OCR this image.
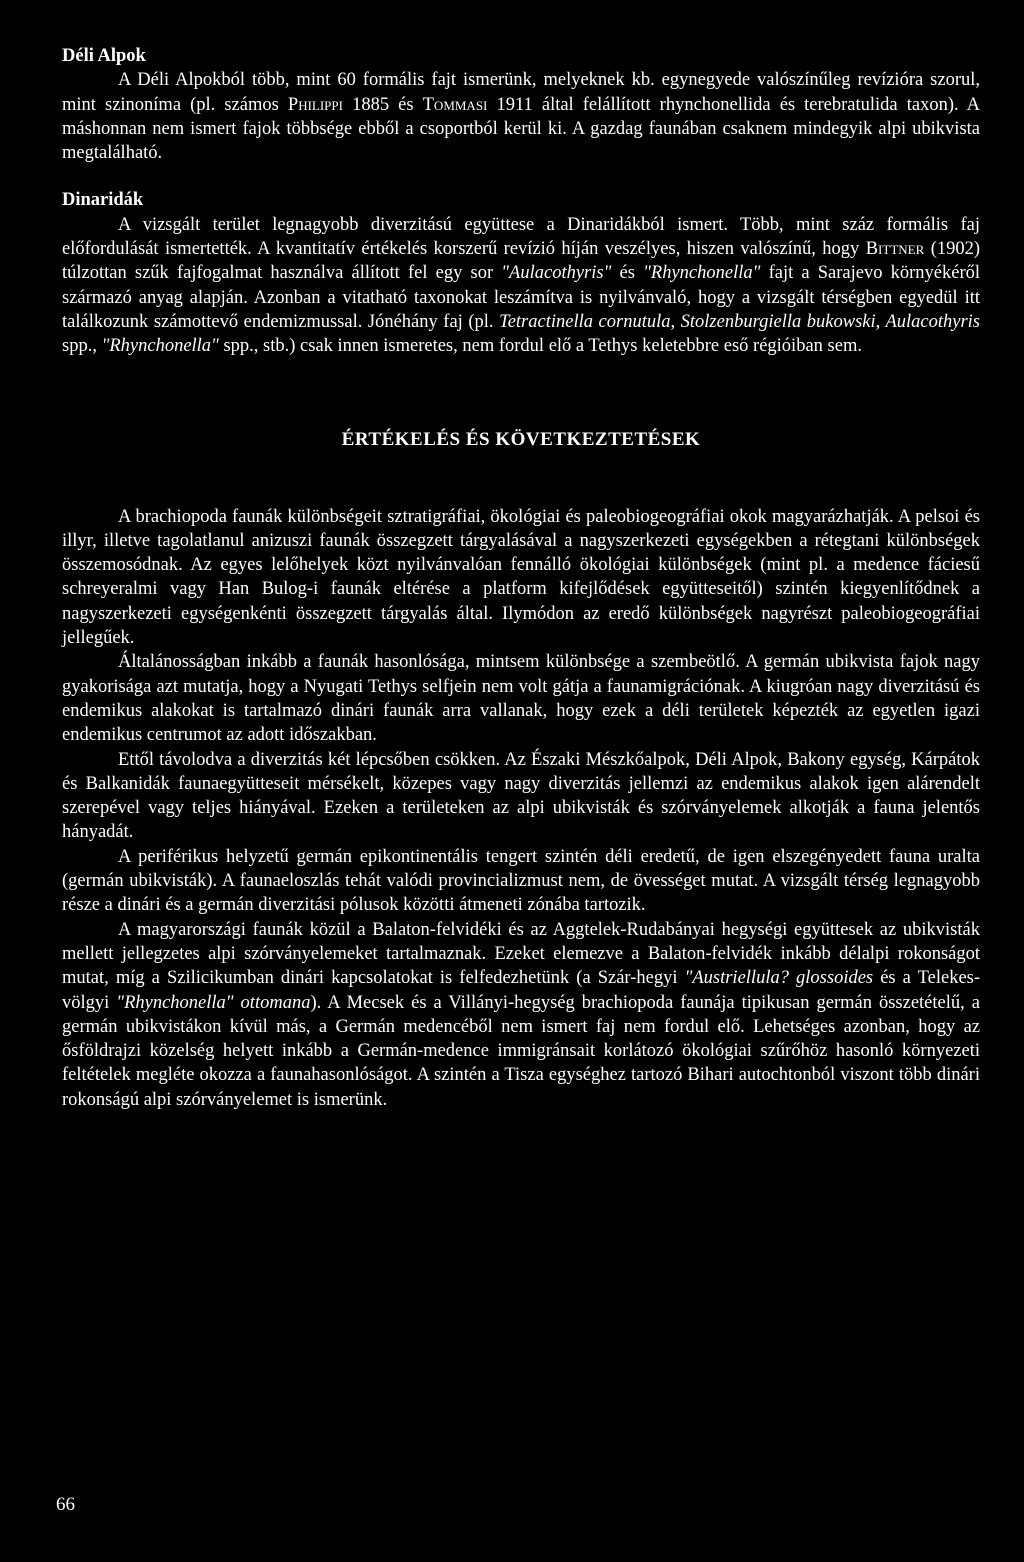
Déli Alpok

A Déli Alpokból több, mint 60 formális fajt ismerünk, melyeknek kb. egynegyede valószínűleg revízióra szorul, mint szinoníma (pl. számos Philippi 1885 és Tommasi 1911 által felállított rhynchonellida és terebratulida taxon). A máshonnan nem ismert fajok többsége ebből a csoportból kerül ki. A gazdag faunában csaknem mindegyik alpi ubikvista megtalálható.

Dinaridák

A vizsgált terület legnagyobb diverzitású együttese a Dinaridákból ismert. Több, mint száz formális faj előfordulását ismertették. A kvantitatív értékelés korszerű revízió híján veszélyes, hiszen valószínű, hogy Bittner (1902) túlzottan szűk fajfogalmat használva állított fel egy sor "Aulacothyris" és "Rhynchonella" fajt a Sarajevo környékéről származó anyag alapján. Azonban a vitatható taxonokat leszámítva is nyilvánvaló, hogy a vizsgált térségben egyedül itt találkozunk számottevő endemizmussal. Jónéhány faj (pl. Tetractinella cornutula, Stolzenburgiella bukowski, Aulacothyris spp., "Rhynchonella" spp., stb.) csak innen ismeretes, nem fordul elő a Tethys keletebbre eső régióiban sem.

ÉRTÉKELÉS ÉS KÖVETKEZTETÉSEK

A brachiopoda faunák különbségeit sztratigráfiai, ökológiai és paleobiogeográfiai okok magyarázhatják. A pelsoi és illyr, illetve tagolatlanul anizuszi faunák összegzett tárgyalásával a nagyszerkezeti egységekben a rétegtani különbségek összemosódnak. Az egyes lelőhelyek közt nyilvánvalóan fennálló ökológiai különbségek (mint pl. a medence fáciesű schreyeralmi vagy Han Bulog-i faunák eltérése a platform kifejlődések együtteseitől) szintén kiegyenlítődnek a nagyszerkezeti egységenkénti összegzett tárgyalás által. Ilymódon az eredő különbségek nagyrészt paleobiogeográfiai jellegűek.

Általánosságban inkább a faunák hasonlósága, mintsem különbsége a szembeötlő. A germán ubikvista fajok nagy gyakorisága azt mutatja, hogy a Nyugati Tethys selfjein nem volt gátja a faunamigrációnak. A kiugróan nagy diverzitású és endemikus alakokat is tartalmazó dinári faunák arra vallanak, hogy ezek a déli területek képezték az egyetlen igazi endemikus centrumot az adott időszakban.

Ettől távolodva a diverzitás két lépcsőben csökken. Az Északi Mészkőalpok, Déli Alpok, Bakony egység, Kárpátok és Balkanidák faunaegyütteseit mérsékelt, közepes vagy nagy diverzitás jellemzi az endemikus alakok igen alárendelt szerepével vagy teljes hiányával. Ezeken a területeken az alpi ubikvisták és szórványelemek alkotják a fauna jelentős hányadát.

A periférikus helyzetű germán epikontinentális tengert szintén déli eredetű, de igen elszegényedett fauna uralta (germán ubikvisták). A faunaeloszlás tehát valódi provincializmust nem, de övességet mutat. A vizsgált térség legnagyobb része a dinári és a germán diverzitási pólusok közötti átmeneti zónába tartozik.

A magyarországi faunák közül a Balaton-felvidéki és az Aggtelek-Rudabányai hegységi együttesek az ubikvisták mellett jellegzetes alpi szórványelemeket tartalmaznak. Ezeket elemezve a Balaton-felvidék inkább délalpi rokonságot mutat, míg a Szilicikumban dinári kapcsolatokat is felfedezhetünk (a Szár-hegyi "Austriellula? glossoides és a Telekes-völgyi "Rhynchonella" ottomana). A Mecsek és a Villányi-hegység brachiopoda faunája tipikusan germán összetételű, a germán ubikvistákon kívül más, a Germán medencéből nem ismert faj nem fordul elő. Lehetséges azonban, hogy az ősföldrajzi közelség helyett inkább a Germán-medence immigránsait korlátozó ökológiai szűrőhöz hasonló környezeti feltételek megléte okozza a faunahasonlóságot. A szintén a Tisza egységhez tartozó Bihari autochtonból viszont több dinári rokonságú alpi szórványelemet is ismerünk.

66
